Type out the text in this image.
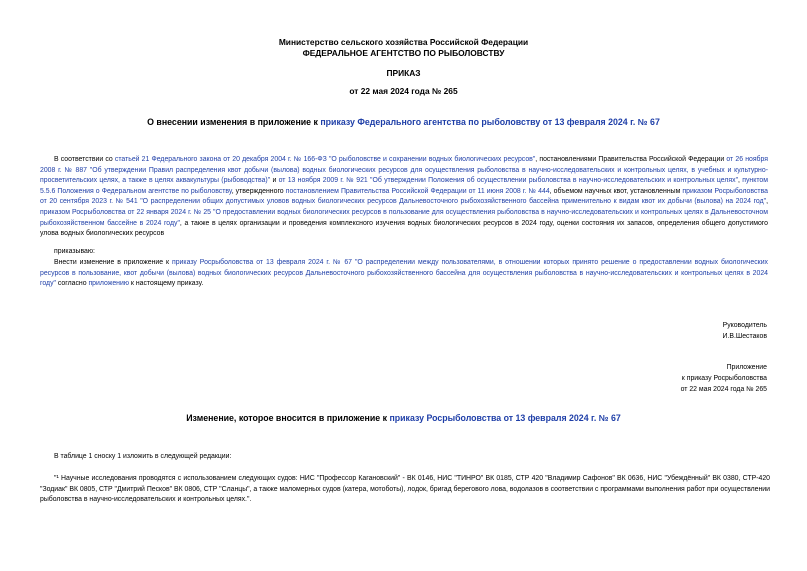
Министерство сельского хозяйства Российской Федерации
ФЕДЕРАЛЬНОЕ АГЕНТСТВО ПО РЫБОЛОВСТВУ
ПРИКАЗ
от 22 мая 2024 года № 265
О внесении изменения в приложение к приказу Федерального агентства по рыболовству от 13 февраля 2024 г. № 67
В соответствии со статьей 21 Федерального закона от 20 декабря 2004 г. № 166-ФЗ "О рыболовстве и сохранении водных биологических ресурсов", постановлениями Правительства Российской Федерации от 26 ноября 2008 г. № 887 "Об утверждении Правил распределения квот добычи (вылова) водных биологических ресурсов для осуществления рыболовства в научно-исследовательских и контрольных целях, в учебных и культурно-просветительских целях, а также в целях аквакультуры (рыбоводства)" и от 13 ноября 2009 г. № 921 "Об утверждении Положения об осуществлении рыболовства в научно-исследовательских и контрольных целях", пунктом 5.5.6 Положения о Федеральном агентстве по рыболовству, утвержденного постановлением Правительства Российской Федерации от 11 июня 2008 г. № 444, объемом научных квот, установленным приказом Росрыболовства от 20 сентября 2023 г. № 541 "О распределении общих допустимых уловов водных биологических ресурсов Дальневосточного рыбохозяйственного бассейна применительно к видам квот их добычи (вылова) на 2024 год", приказом Росрыболовства от 22 января 2024 г. № 25 "О предоставлении водных биологических ресурсов в пользование для осуществления рыболовства в научно-исследовательских и контрольных целях в Дальневосточном рыбохозяйственном бассейне в 2024 году", а также в целях организации и проведения комплексного изучения водных биологических ресурсов в 2024 году, оценки состояния их запасов, определения общего допустимого улова водных биологических ресурсов
приказываю:
Внести изменение в приложение к приказу Росрыболовства от 13 февраля 2024 г. № 67 "О распределении между пользователями, в отношении которых принято решение о предоставлении водных биологических ресурсов в пользование, квот добычи (вылова) водных биологических ресурсов Дальневосточного рыбохозяйственного бассейна для осуществления рыболовства в научно-исследовательских и контрольных целях в 2024 году" согласно приложению к настоящему приказу.
Руководитель
И.В.Шестаков
Приложение
к приказу Росрыболовства
от 22 мая 2024 года № 265
Изменение, которое вносится в приложение к приказу Росрыболовства от 13 февраля 2024 г. № 67
В таблице 1 сноску 1 изложить в следующей редакции:
"¹ Научные исследования проводятся с использованием следующих судов: НИС "Профессор Кагановский" - ВК 0146, НИС "ТИНРО" ВК 0185, СТР 420 "Владимир Сафонов" ВК 0636, НИС "Убеждённый" ВК 0380, СТР-420 "Зодиак" ВК 0805, СТР "Дмитрий Песков" ВК 0806, СТР "Сланцы", а также маломерных судов (катера, мотоботы), лодок, бригад берегового лова, водолазов в соответствии с программами выполнения работ при осуществлении рыболовства в научно-исследовательских и контрольных целях.".
